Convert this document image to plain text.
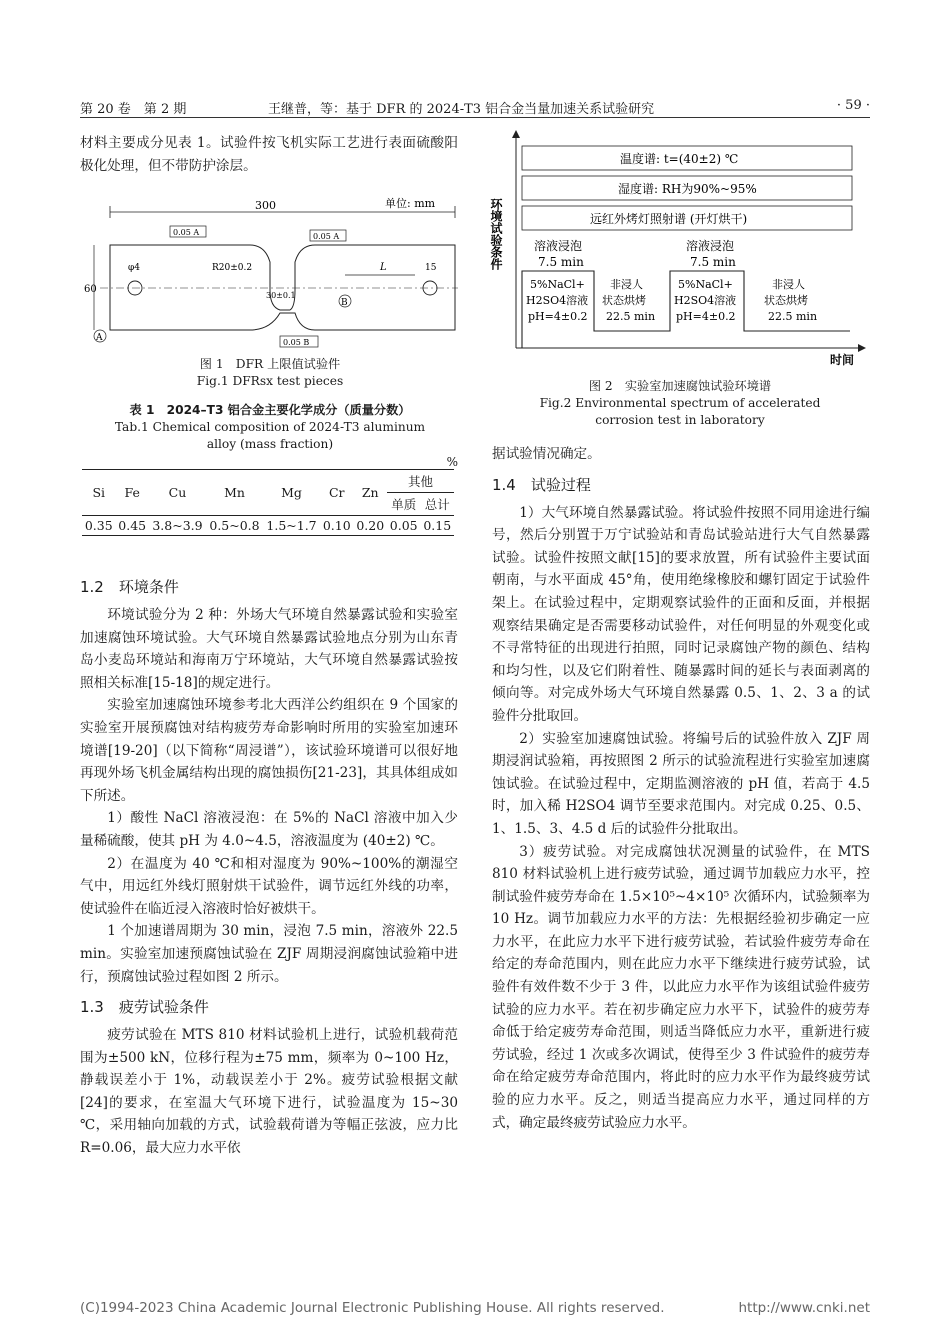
第 20 卷　第 2 期	王继普，等：基于 DFR 的 2024-T3 铝合金当量加速关系试验研究	· 59 ·

材料主要成分见表 1。试验件按飞机实际工艺进行表面硫酸阳极化处理，但不带防护涂层。

单位: mm
300
0.05 A	0.05 A
60
φ4	R20±0.2
30±0.1
L	15
A
B
0.05 B
图 1　DFR 上限值试验件
Fig.1 DFRsx test pieces
表 1　2024–T3 铝合金主要化学成分（质量分数）
Tab.1 Chemical composition of 2024-T3 aluminum alloy (mass fraction)
%
Si	Fe	Cu	Mn	Mg	Cr	Zn	其他	
							单质	总计
0.35	0.45	3.8~3.9	0.5~0.8	1.5~1.7	0.10	0.20	0.05	0.15
1.2　环境条件

环境试验分为 2 种：外场大气环境自然暴露试验和实验室加速腐蚀环境试验。大气环境自然暴露试验地点分别为山东青岛小麦岛环境站和海南万宁环境站，大气环境自然暴露试验按照相关标准[15-18]的规定进行。

实验室加速腐蚀环境参考北大西洋公约组织在 9 个国家的实验室开展预腐蚀对结构疲劳寿命影响时所用的实验室加速环境谱[19-20]（以下简称“周浸谱”），该试验环境谱可以很好地再现外场飞机金属结构出现的腐蚀损伤[21-23]，其具体组成如下所述。

1）酸性 NaCl 溶液浸泡：在 5%的 NaCl 溶液中加入少量稀硫酸，使其 pH 为 4.0~4.5，溶液温度为 (40±2) ℃。

2）在温度为 40 ℃和相对湿度为 90%~100%的潮湿空气中，用远红外线灯照射烘干试验件，调节远红外线的功率，使试验件在临近浸入溶液时恰好被烘干。

1 个加速谱周期为 30 min，浸泡 7.5 min，溶液外 22.5 min。实验室加速预腐蚀试验在 ZJF 周期浸润腐蚀试验箱中进行，预腐蚀试验过程如图 2 所示。

1.3　疲劳试验条件

疲劳试验在 MTS 810 材料试验机上进行，试验机载荷范围为±500 kN，位移行程为±75 mm，频率为 0~100 Hz，静载误差小于 1%，动载误差小于 2%。疲劳试验根据文献[24]的要求，在室温大气环境下进行，试验温度为 15~30 ℃，采用轴向加载的方式，试验载荷谱为等幅正弦波，应力比 R=0.06，最大应力水平依

环境试验条件
温度谱: t=(40±2) ℃
湿度谱: RH为90%~95%
远红外烤灯照射谱 (开灯烘干)
溶液浸泡
7.5 min
溶液浸泡
7.5 min
5%NaCl+
H2SO4溶液
pH=4±0.2
非浸人
状态烘烤
22.5 min
5%NaCl+
H2SO4溶液
pH=4±0.2
非浸人
状态烘烤
22.5 min
时间
图 2　实验室加速腐蚀试验环境谱
Fig.2 Environmental spectrum of accelerated corrosion test in laboratory

据试验情况确定。

1.4　试验过程

1）大气环境自然暴露试验。将试验件按照不同用途进行编号，然后分别置于万宁试验站和青岛试验站进行大气自然暴露试验。试验件按照文献[15]的要求放置，所有试验件主要试面朝南，与水平面成 45°角，使用绝缘橡胶和螺钉固定于试验件架上。在试验过程中，定期观察试验件的正面和反面，并根据观察结果确定是否需要移动试验件，对任何明显的外观变化或不寻常特征的出现进行拍照，同时记录腐蚀产物的颜色、结构和均匀性，以及它们附着性、随暴露时间的延长与表面剥离的倾向等。对完成外场大气环境自然暴露 0.5、1、2、3 a 的试验件分批取回。

2）实验室加速腐蚀试验。将编号后的试验件放入 ZJF 周期浸润试验箱，再按照图 2 所示的试验流程进行实验室加速腐蚀试验。在试验过程中，定期监测溶液的 pH 值，若高于 4.5 时，加入稀 H2SO4 调节至要求范围内。对完成 0.25、0.5、1、1.5、3、4.5 d 后的试验件分批取出。

3）疲劳试验。对完成腐蚀状况测量的试验件，在 MTS 810 材料试验机上进行疲劳试验，通过调节加载应力水平，控制试验件疲劳寿命在 1.5×10⁵~4×10⁵ 次循环内，试验频率为 10 Hz。调节加载应力水平的方法：先根据经验初步确定一应力水平，在此应力水平下进行疲劳试验，若试验件疲劳寿命在给定的寿命范围内，则在此应力水平下继续进行疲劳试验，试验件有效件数不少于 3 件，以此应力水平作为该组试验件疲劳试验的应力水平。若在初步确定应力水平下，试验件的疲劳寿命低于给定疲劳寿命范围，则适当降低应力水平，重新进行疲劳试验，经过 1 次或多次调试，使得至少 3 件试验件的疲劳寿命在给定疲劳寿命范围内，将此时的应力水平作为最终疲劳试验的应力水平。反之，则适当提高应力水平，通过同样的方式，确定最终疲劳试验应力水平。

(C)1994-2023 China Academic Journal Electronic Publishing House. All rights reserved.	http://www.cnki.net
